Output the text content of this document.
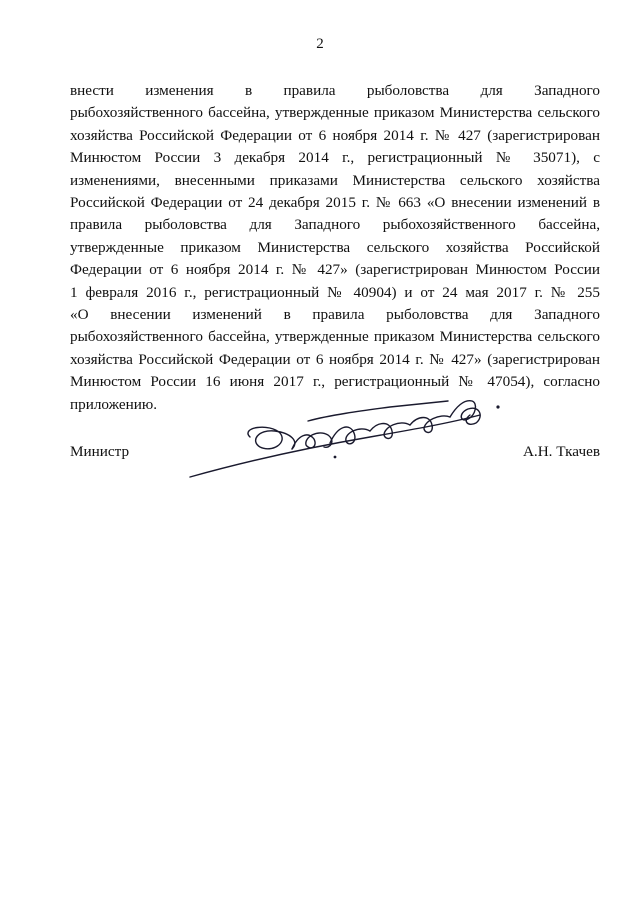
2
внести изменения в правила рыболовства для Западного
рыбохозяйственного бассейна, утвержденные приказом Министерства сельского
хозяйства Российской Федерации от 6 ноября 2014 г. № 427 (зарегистрирован
Минюстом России 3 декабря 2014 г., регистрационный № 35071), с
изменениями, внесенными приказами Министерства сельского хозяйства
Российской Федерации от 24 декабря 2015 г. № 663 «О внесении изменений в
правила рыболовства для Западного рыбохозяйственного бассейна,
утвержденные приказом Министерства сельского хозяйства Российской
Федерации от 6 ноября 2014 г. № 427» (зарегистрирован Минюстом России
1 февраля 2016 г., регистрационный № 40904) и от 24 мая 2017 г. № 255
«О внесении изменений в правила рыболовства для Западного
рыбохозяйственного бассейна, утвержденные приказом Министерства сельского
хозяйства Российской Федерации от 6 ноября 2014 г. № 427» (зарегистрирован
Минюстом России 16 июня 2017 г., регистрационный № 47054), согласно
приложению.
Министр	А.Н. Ткачев
